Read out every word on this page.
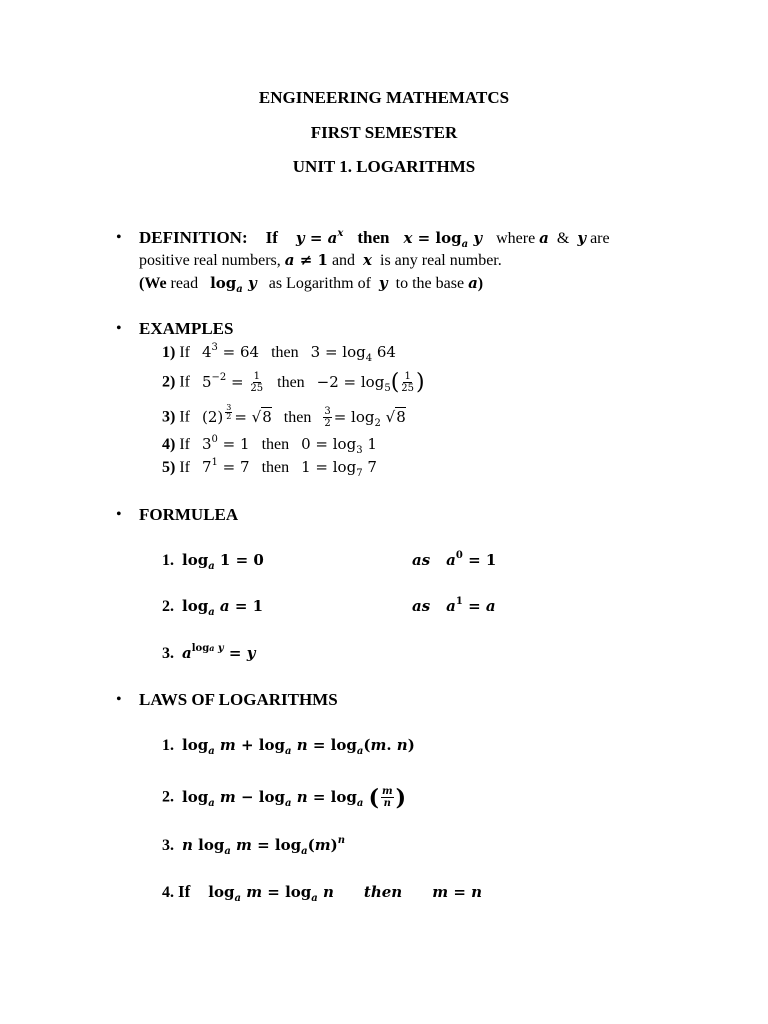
ENGINEERING MATHEMATCS
FIRST SEMESTER
UNIT 1. LOGARITHMS
• DEFINITION: If $y = a^x$ then $x = \log_a y$ where a & y are
positive real numbers, a ≠ 1 and x is any real number.
(We read $\log_a y$ as Logarithm of y to the base a)
• EXAMPLES
1) If $4^3 = 64$ then $3 = \log_4 64$
2) If $5^{-2} = \frac{1}{25}$ then $-2 = \log_5( \frac{1}{25}$ )
3) If (2) $^{\frac{3}{2}}$ = √8 then $\frac{3}{2} = \log_2 √8$
4) If $3^0 = 1$ then $0 = \log_3 1$
5) If $7^1 = 7$ then $1 = \log_7 7$
• FORMULEA
1. $\log_a 1 = 0$	as $a^0 = 1$
2. $\log_a a = 1$	as $a^1 = a$
3. $a^{loga y} = y$
• LAWS OF LOGARITHMS
1. $\log_a m + \log_a n = \log_a(m$. n)
2. $\log_a m - \log_a n = \log_a$ ( $\frac{m}{n}$ )
3. n $\log_a m = \log_a(m)^n$
4. If $\log_a m = \log_a n$ then m = n
